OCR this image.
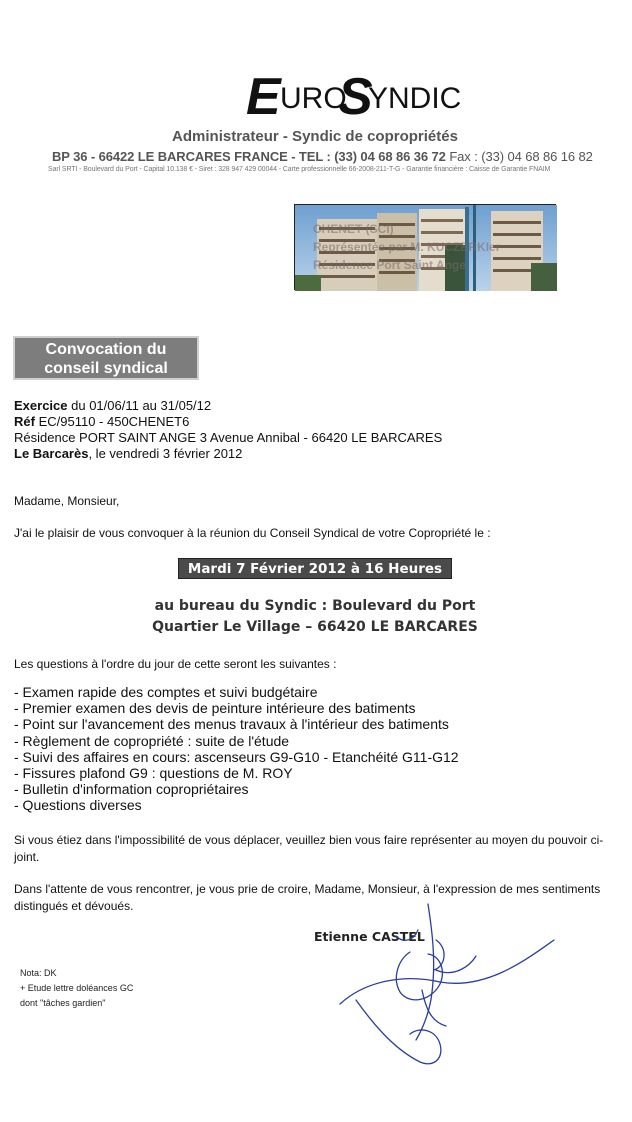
E URO
S
YNDIC
Administrateur - Syndic de copropriétés
BP 36 - 66422 LE BARCARES FRANCE - TEL : (33) 04 68 86 36 72 Fax : (33) 04 68 86 16 82
Sarl SRTI - Boulevard du Port - Capital 10.138 € - Siret : 328 947 429 00044 - Carte professionnelle 66-2008-211-T-G - Garantie financière : Caisse de Garantie FNAIM
CHENET (SCI)
Représentée par M. KUCZERKIer
Résidence Port Saint Ange
Convocation du
conseil syndical
Exercice du 01/06/11 au 31/05/12
Réf EC/95110 - 450CHENET6
Résidence PORT SAINT ANGE 3 Avenue Annibal - 66420 LE BARCARES
Le Barcarès, le vendredi 3 février 2012
Madame, Monsieur,
J'ai le plaisir de vous convoquer à la réunion du Conseil Syndical de votre Copropriété le :
Mardi 7 Février 2012 à 16 Heures
au bureau du Syndic : Boulevard du Port
Quartier Le Village – 66420 LE BARCARES
Les questions à l'ordre du jour de cette seront les suivantes :
- Examen rapide des comptes et suivi budgétaire
- Premier examen des devis de peinture intérieure des batiments
- Point sur l'avancement des menus travaux à l'intérieur des batiments
- Règlement de copropriété : suite de l'étude
- Suivi des affaires en cours: ascenseurs G9-G10 - Etanchéité G11-G12
- Fissures plafond G9 : questions de M. ROY
- Bulletin d'information copropriétaires
- Questions diverses
Si vous étiez dans l'impossibilité de vous déplacer, veuillez bien vous faire représenter au moyen du pouvoir ci-joint.
Dans l'attente de vous rencontrer, je vous prie de croire, Madame, Monsieur, à l'expression de mes sentiments distingués et dévoués.
Etienne CASTEL
Nota: DK
+ Etude lettre doléances GC
dont "tâches gardien"
